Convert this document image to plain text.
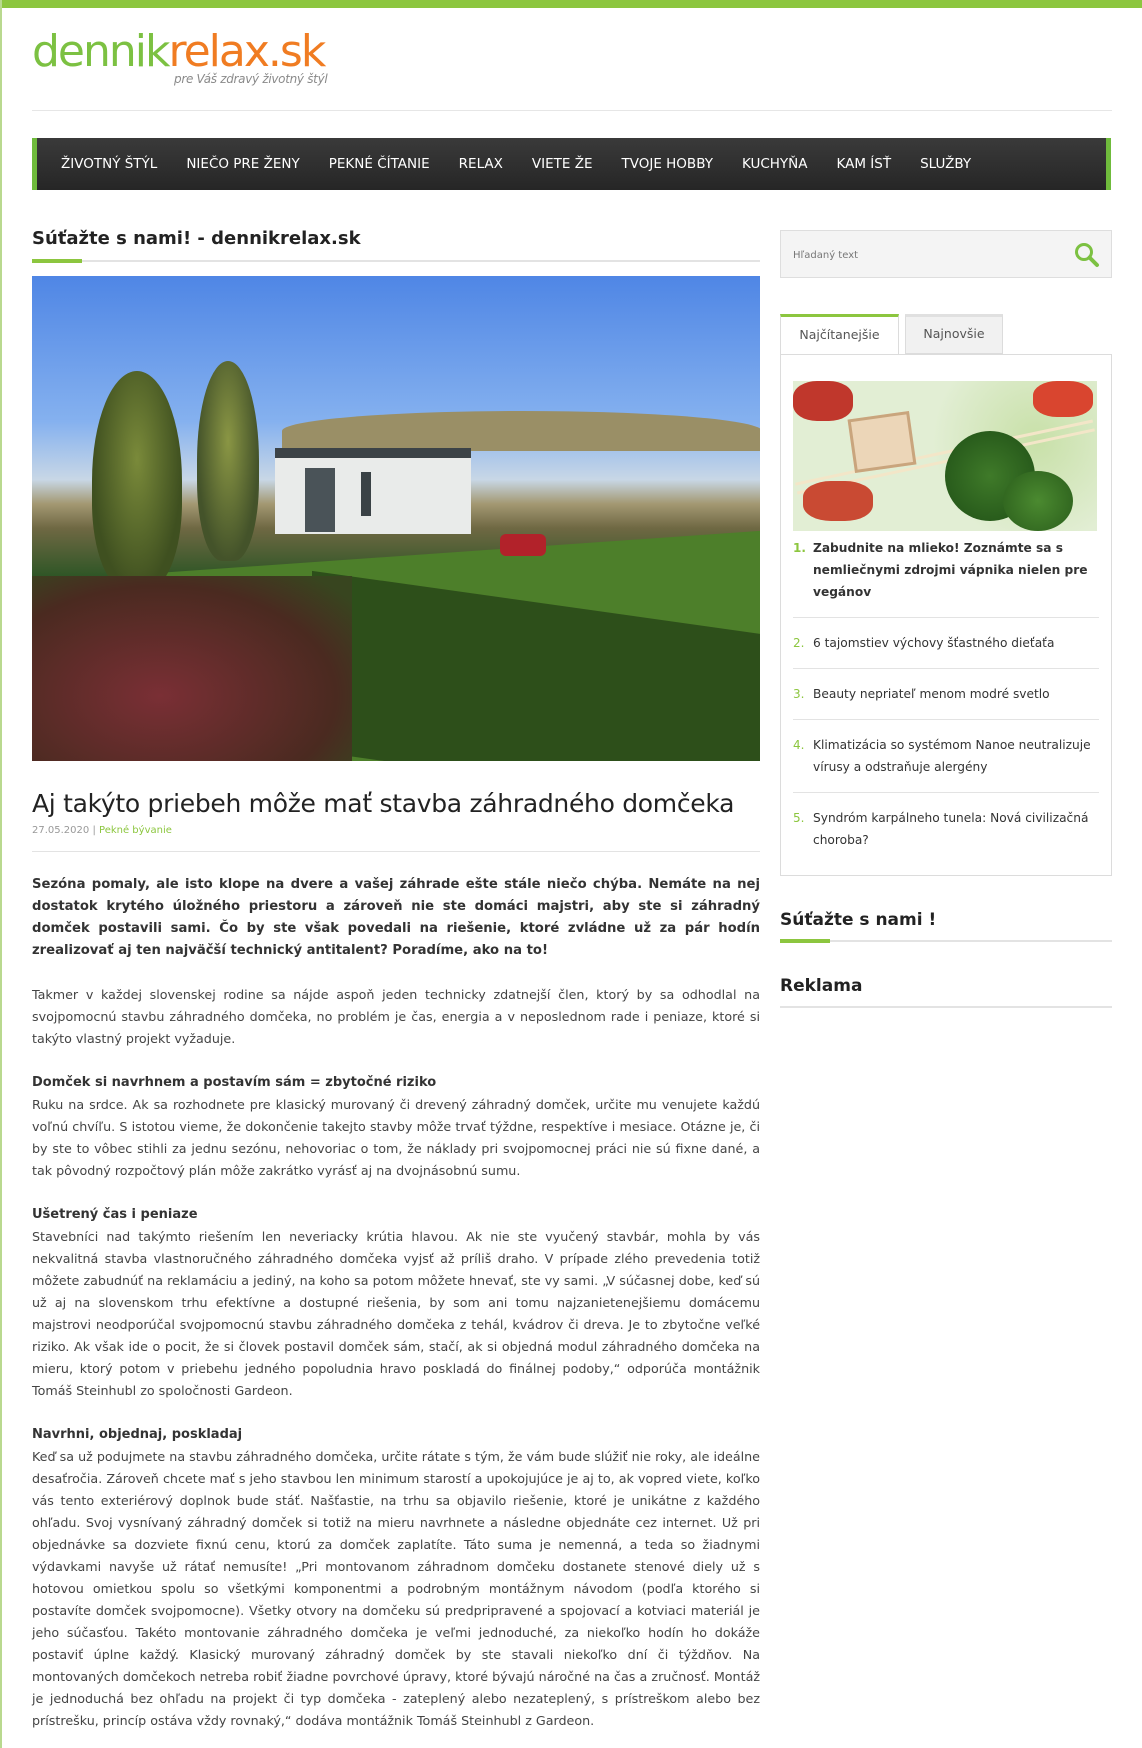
dennikrelax.sk
pre Váš zdravý životný štýl
ŽIVOTNÝ ŠTÝL NIEČO PRE ŽENY PEKNÉ ČÍTANIE RELAX VIETE ŽE TVOJE HOBBY KUCHYŇA KAM ÍSŤ SLUŽBY
Súťažte s nami! - dennikrelax.sk
Aj takýto priebeh môže mať stavba záhradného domčeka
27.05.2020 | Pekné bývanie

Sezóna pomaly, ale isto klope na dvere a vašej záhrade ešte stále niečo chýba. Nemáte na nej dostatok krytého úložného priestoru a zároveň nie ste domáci majstri, aby ste si záhradný domček postavili sami. Čo by ste však povedali na riešenie, ktoré zvládne už za pár hodín zrealizovať aj ten najväčší technický antitalent? Poradíme, ako na to!

Takmer v každej slovenskej rodine sa nájde aspoň jeden technicky zdatnejší člen, ktorý by sa odhodlal na svojpomocnú stavbu záhradného domčeka, no problém je čas, energia a v neposlednom rade i peniaze, ktoré si takýto vlastný projekt vyžaduje.

Domček si navrhnem a postavím sám = zbytočné riziko

Ruku na srdce. Ak sa rozhodnete pre klasický murovaný či drevený záhradný domček, určite mu venujete každú voľnú chvíľu. S istotou vieme, že dokončenie takejto stavby môže trvať týždne, respektíve i mesiace. Otázne je, či by ste to vôbec stihli za jednu sezónu, nehovoriac o tom, že náklady pri svojpomocnej práci nie sú fixne dané, a tak pôvodný rozpočtový plán môže zakrátko vyrásť aj na dvojnásobnú sumu.

Ušetrený čas i peniaze

Stavebníci nad takýmto riešením len neveriacky krútia hlavou. Ak nie ste vyučený stavbár, mohla by vás nekvalitná stavba vlastnoručného záhradného domčeka vyjsť až príliš draho. V prípade zlého prevedenia totiž môžete zabudnúť na reklamáciu a jediný, na koho sa potom môžete hnevať, ste vy sami. „V súčasnej dobe, keď sú už aj na slovenskom trhu efektívne a dostupné riešenia, by som ani tomu najzanietenejšiemu domácemu majstrovi neodporúčal svojpomocnú stavbu záhradného domčeka z tehál, kvádrov či dreva. Je to zbytočne veľké riziko. Ak však ide o pocit, že si človek postavil domček sám, stačí, ak si objedná modul záhradného domčeka na mieru, ktorý potom v priebehu jedného popoludnia hravo poskladá do finálnej podoby,“ odporúča montážnik Tomáš Steinhubl zo spoločnosti Gardeon.

Navrhni, objednaj, poskladaj

Keď sa už podujmete na stavbu záhradného domčeka, určite rátate s tým, že vám bude slúžiť nie roky, ale ideálne desaťročia. Zároveň chcete mať s jeho stavbou len minimum starostí a upokojujúce je aj to, ak vopred viete, koľko vás tento exteriérový doplnok bude stáť. Našťastie, na trhu sa objavilo riešenie, ktoré je unikátne z každého ohľadu. Svoj vysnívaný záhradný domček si totiž na mieru navrhnete a následne objednáte cez internet. Už pri objednávke sa dozviete fixnú cenu, ktorú za domček zaplatíte. Táto suma je nemenná, a teda so žiadnymi výdavkami navyše už rátať nemusíte! „Pri montovanom záhradnom domčeku dostanete stenové diely už s hotovou omietkou spolu so všetkými komponentmi a podrobným montážnym návodom (podľa ktorého si postavíte domček svojpomocne). Všetky otvory na domčeku sú predpripravené a spojovací a kotviaci materiál je jeho súčasťou. Takéto montovanie záhradného domčeka je veľmi jednoduché, za niekoľko hodín ho dokáže postaviť úplne každý. Klasický murovaný záhradný domček by ste stavali niekoľko dní či týždňov. Na montovaných domčekoch netreba robiť žiadne povrchové úpravy, ktoré bývajú náročné na čas a zručnosť. Montáž je jednoduchá bez ohľadu na projekt či typ domčeka - zateplený alebo nezateplený, s prístreškom alebo bez prístrešku, princíp ostáva vždy rovnaký,“ dodáva montážnik Tomáš Steinhubl z Gardeon.

Hľadaný text
Najčítanejšie	Najnovšie
1. Zabudnite na mlieko! Zoznámte sa s nemliečnymi zdrojmi vápnika nielen pre vegánov
2. 6 tajomstiev výchovy šťastného dieťaťa
3. Beauty nepriateľ menom modré svetlo
4. Klimatizácia so systémom Nanoe neutralizuje vírusy a odstraňuje alergény
5. Syndróm karpálneho tunela: Nová civilizačná choroba?
Súťažte s nami !
Reklama
